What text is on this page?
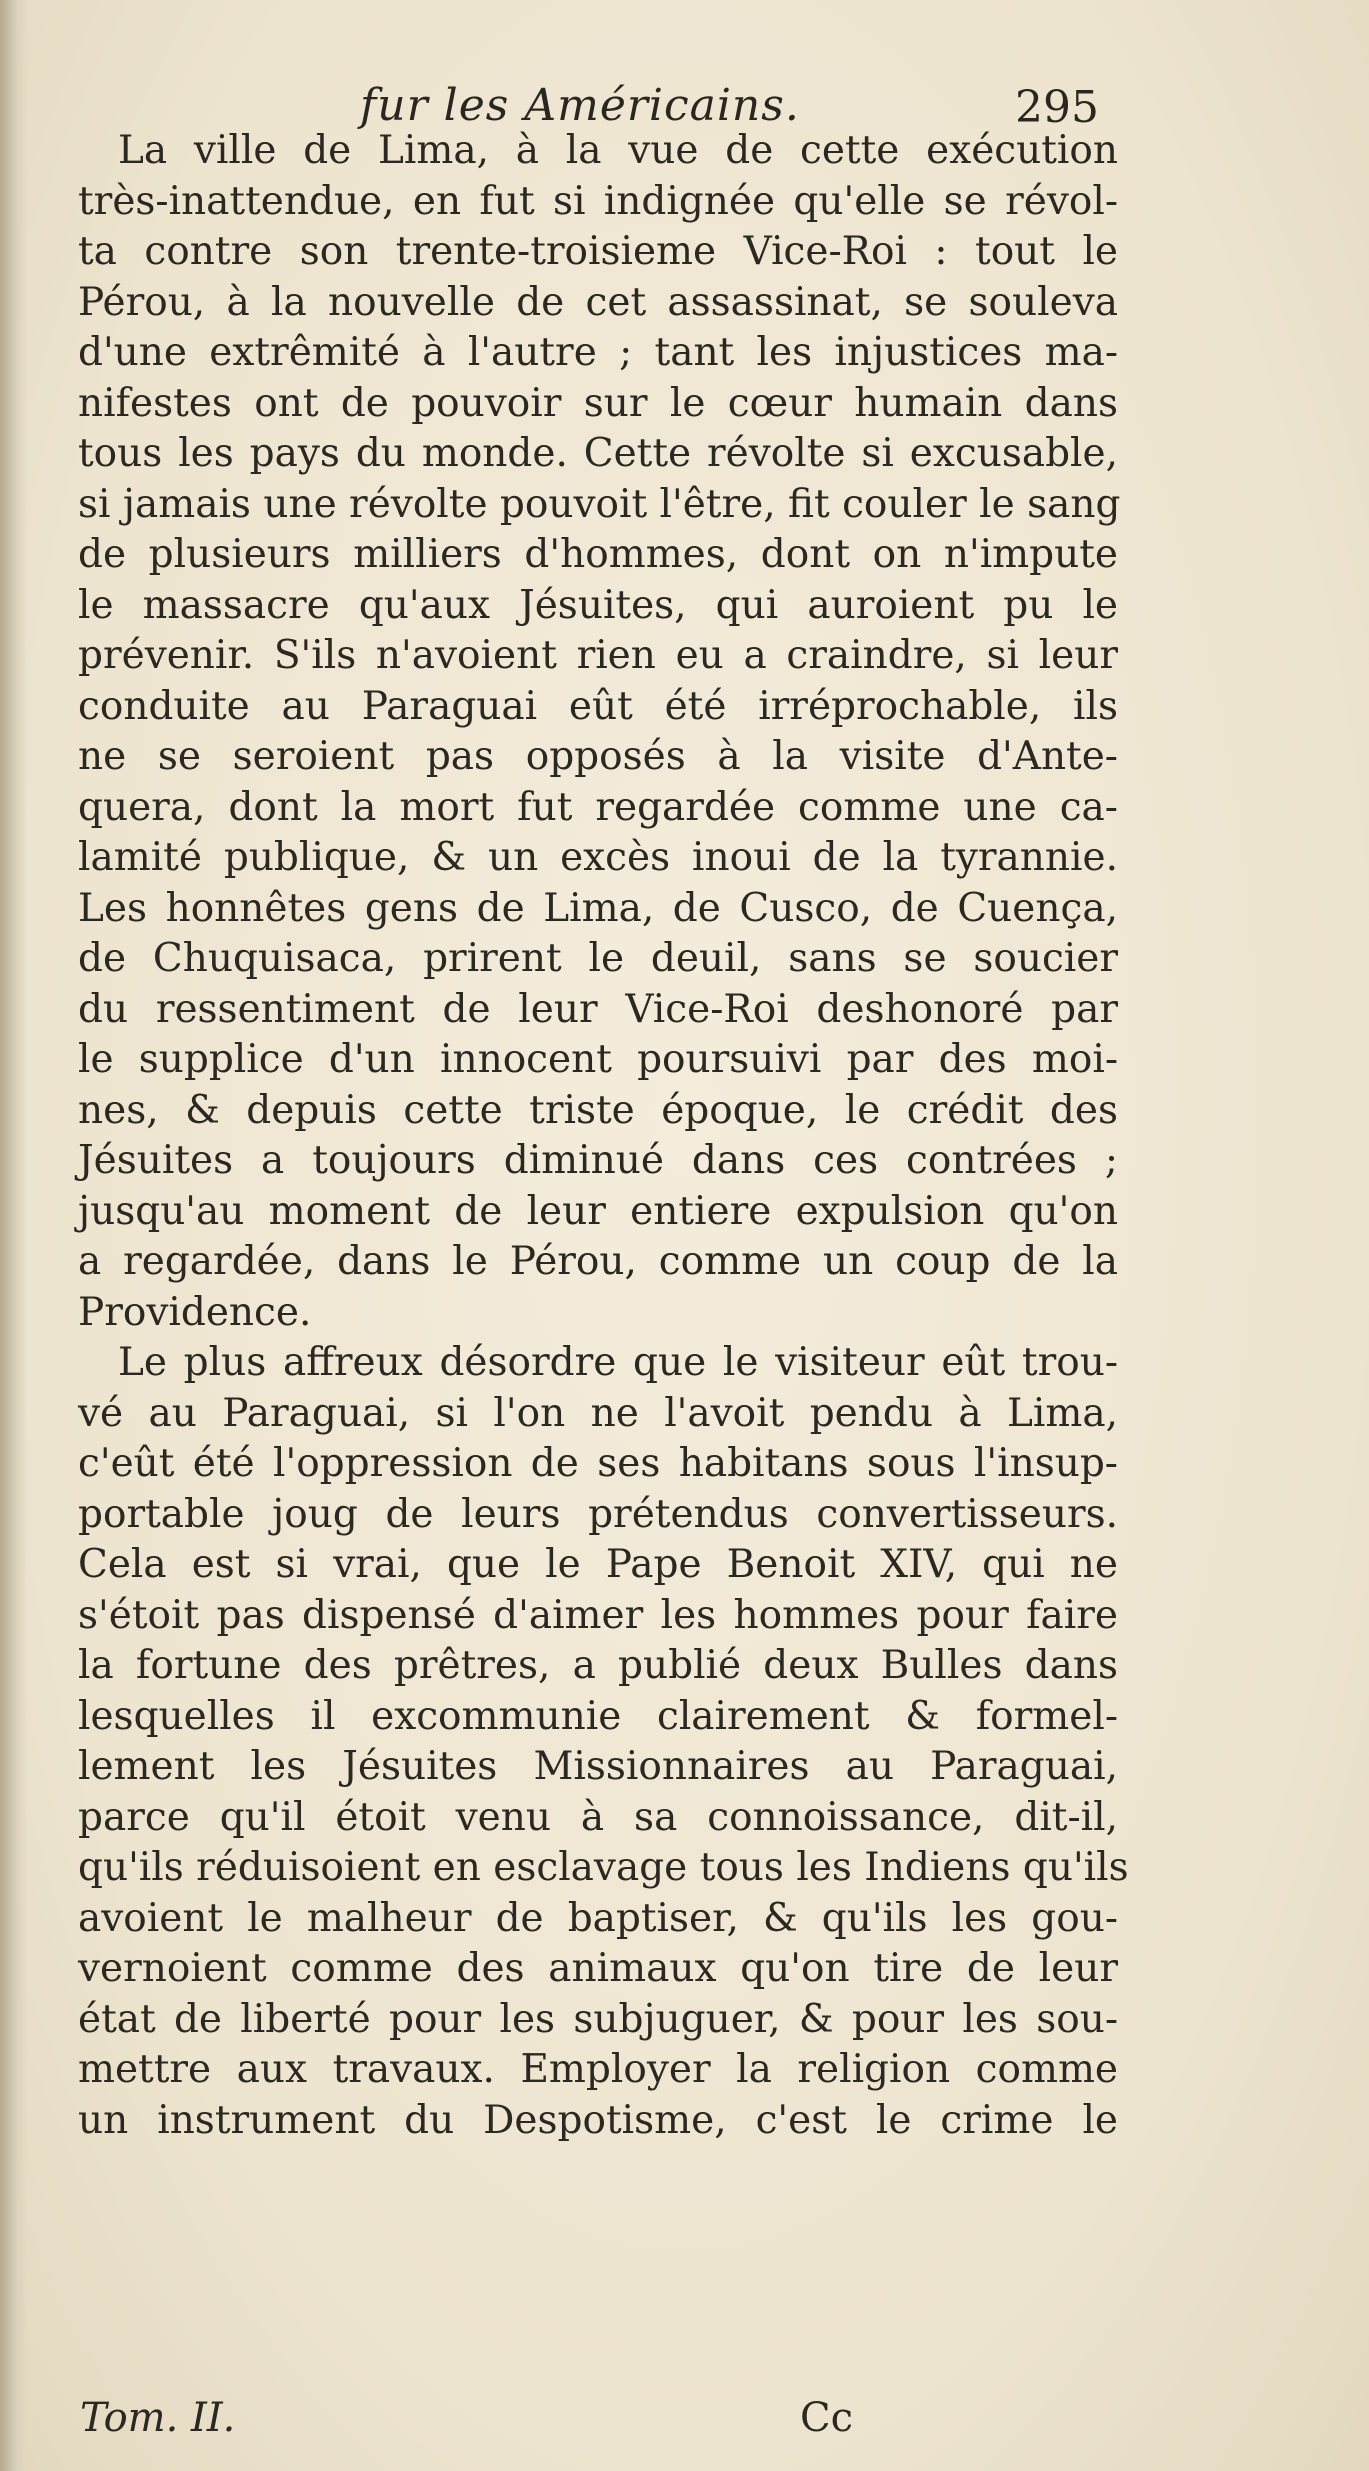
fur les Américains.	295

La ville de Lima, à la vue de cette exécution
très-inattendue, en fut si indignée qu'elle se révol-
ta contre son trente-troisieme Vice-Roi : tout le
Pérou, à la nouvelle de cet assassinat, se souleva
d'une extrêmité à l'autre ; tant les injustices ma-
nifestes ont de pouvoir sur le cœur humain dans
tous les pays du monde. Cette révolte si excusable,
si jamais une révolte pouvoit l'être, fit couler le sang
de plusieurs milliers d'hommes, dont on n'impute
le massacre qu'aux Jésuites, qui auroient pu le
prévenir. S'ils n'avoient rien eu a craindre, si leur
conduite au Paraguai eût été irréprochable, ils
ne se seroient pas opposés à la visite d'Ante-
quera, dont la mort fut regardée comme une ca-
lamité publique, & un excès inoui de la tyrannie.
Les honnêtes gens de Lima, de Cusco, de Cuença,
de Chuquisaca, prirent le deuil, sans se soucier
du ressentiment de leur Vice-Roi deshonoré par
le supplice d'un innocent poursuivi par des moi-
nes, & depuis cette triste époque, le crédit des
Jésuites a toujours diminué dans ces contrées ;
jusqu'au moment de leur entiere expulsion qu'on
a regardée, dans le Pérou, comme un coup de la
Providence.

Le plus affreux désordre que le visiteur eût trou-
vé au Paraguai, si l'on ne l'avoit pendu à Lima,
c'eût été l'oppression de ses habitans sous l'insup-
portable joug de leurs prétendus convertisseurs.
Cela est si vrai, que le Pape Benoit XIV, qui ne
s'étoit pas dispensé d'aimer les hommes pour faire
la fortune des prêtres, a publié deux Bulles dans
lesquelles il excommunie clairement & formel-
lement les Jésuites Missionnaires au Paraguai,
parce qu'il étoit venu à sa connoissance, dit-il,
qu'ils réduisoient en esclavage tous les Indiens qu'ils
avoient le malheur de baptiser, & qu'ils les gou-
vernoient comme des animaux qu'on tire de leur
état de liberté pour les subjuguer, & pour les sou-
mettre aux travaux. Employer la religion comme
un instrument du Despotisme, c'est le crime le

Tom. II.	Cc
